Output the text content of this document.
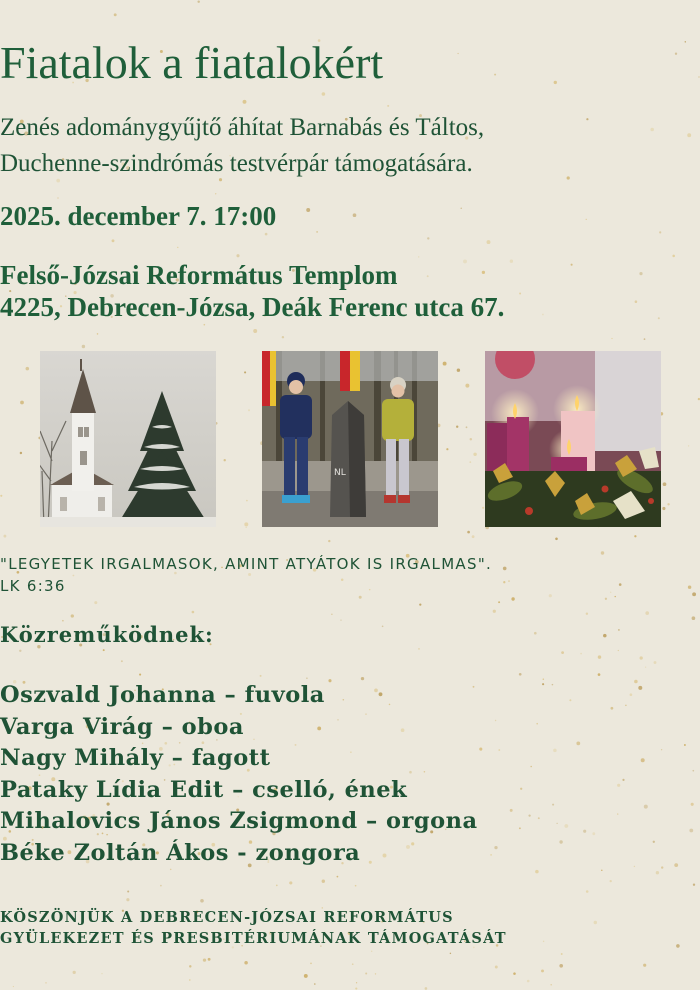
Fiatalok a fiatalokért
Zenés adománygyűjtő áhítat Barnabás és Táltos,
Duchenne-szindrómás testvérpár támogatására.
2025. december 7. 17:00
Felső-Józsai Református Templom
4225, Debrecen-Józsa, Deák Ferenc utca 67.
NL
"LEGYETEK IRGALMASOK, AMINT ATYÁTOK IS IRGALMAS".
LK 6:36
Közreműködnek:
Oszvald Johanna – fuvola
Varga Virág – oboa
Nagy Mihály – fagott
Pataky Lídia Edit – cselló, ének
Mihalovics János Zsigmond – orgona
Béke Zoltán Ákos - zongora
KÖSZÖNJÜK A DEBRECEN-JÓZSAI REFORMÁTUS
GYÜLEKEZET ÉS PRESBITÉRIUMÁNAK TÁMOGATÁSÁT
